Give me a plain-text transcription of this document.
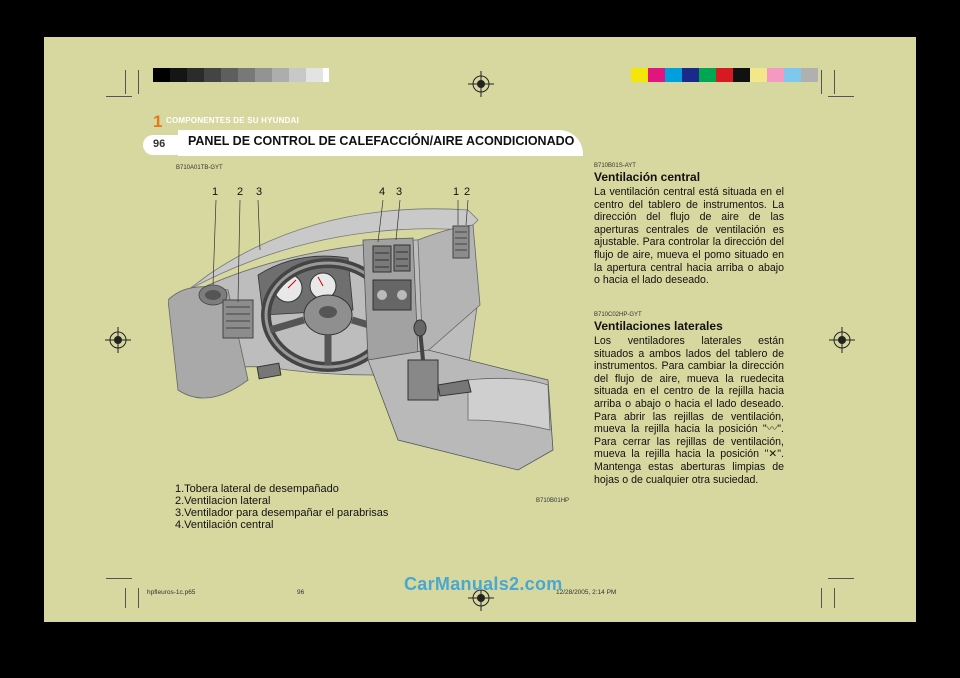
1 COMPONENTES DE SU HYUNDAI
96 PANEL DE CONTROL DE CALEFACCIÓN/AIRE ACONDICIONADO
B710A01TB-GYT
1 2 3	4 3	1 2
1.Tobera lateral de desempañado
2.Ventilacion lateral
3.Ventilador para desempañar el parabrisas
4.Ventilación central
B710B01HP
B710B01S-AYT
Ventilación central

La ventilación central está situada en el centro del tablero de instrumentos. La dirección del flujo de aire de las aperturas centrales de ventilación es ajustable. Para controlar la dirección del flujo de aire, mueva el pomo situado en la apertura central hacia arriba o abajo o hacia el lado deseado.

B710C02HP-GYT
Ventilaciones laterales

Los ventiladores laterales están situados a ambos lados del tablero de instrumentos. Para cambiar la dirección del flujo de aire, mueva la ruedecita situada en el centro de la rejilla hacia arriba o abajo o hacia el lado deseado. Para abrir las rejillas de ventilación, mueva la rejilla hacia la posición "〰". Para cerrar las rejillas de ventilación, mueva la rejilla hacia la posición "✕". Mantenga estas aberturas limpias de hojas o de cualquier otra suciedad.

hpfleuros-1c.p65	96	12/28/2005, 2:14 PM
CarManuals2.com
